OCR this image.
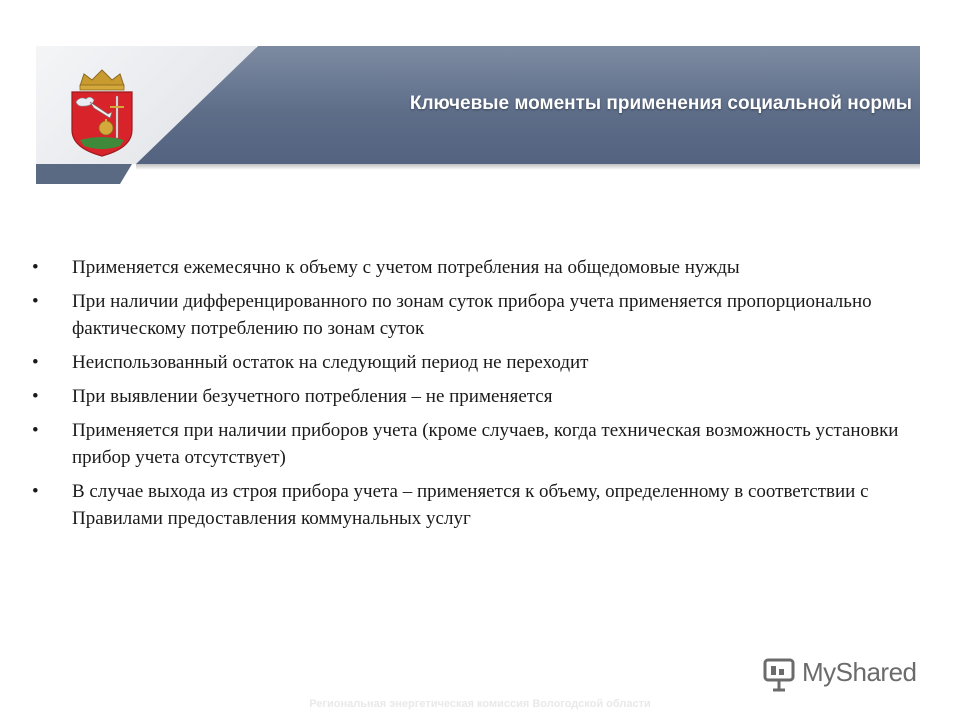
Ключевые моменты применения социальной нормы
•	Применяется ежемесячно к объему с учетом потребления на общедомовые нужды
•	При наличии дифференцированного по зонам суток прибора учета применяется пропорционально фактическому потреблению по зонам суток
•	Неиспользованный остаток на следующий период не переходит
•	При выявлении безучетного потребления – не применяется
•	Применяется при наличии приборов учета (кроме случаев, когда техническая возможность установки прибор учета отсутствует)
•	В случае выхода из строя прибора учета – применяется к объему, определенному в соответствии с Правилами предоставления коммунальных услуг
MyShared
Региональная энергетическая комиссия Вологодской области
